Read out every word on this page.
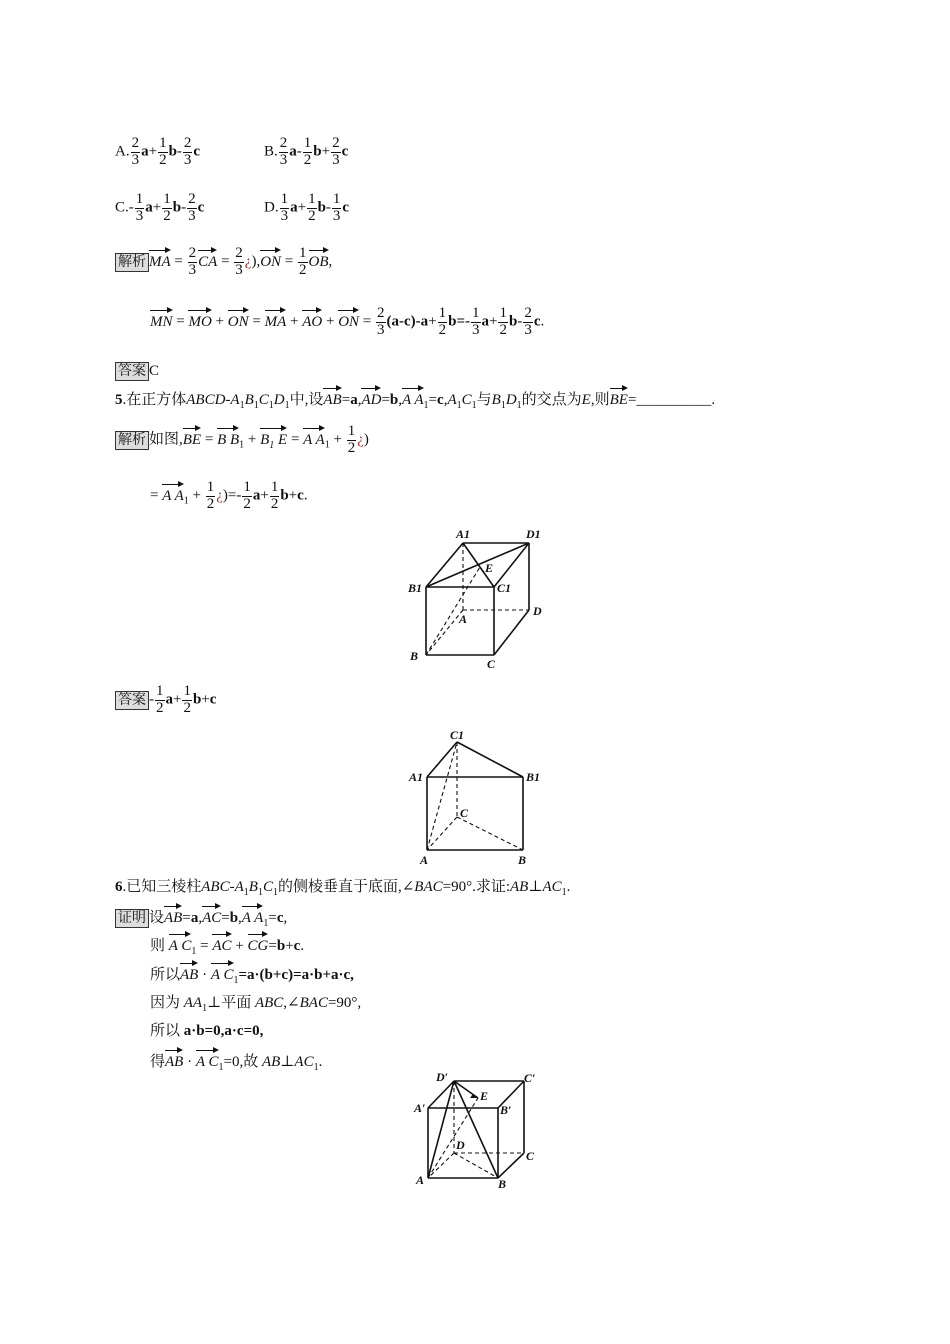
A. $\frac{2}{3} a+ \frac{1}{2} b- \frac{2}{3}$ c	B. $\frac{2}{3} a- \frac{1}{2} b+ \frac{2}{3}$ c
$C.- \frac{1}{3} a+ \frac{1}{2} b- \frac{2}{3}$ c	D. $\frac{1}{3} a+ \frac{1}{2} b- \frac{1}{3}$ c
解析 MA = $\frac{2}{3}$ CA = $\frac{2}{3}$ ¿)$,ON = \frac{1}{2}$ OB,
MN = MO + ON = MA + AO + ON = $\frac{2}{3} (a-c)-a+ \frac{1}{2} b=- \frac{1}{3} a+ \frac{1}{2} b- \frac{2}{3} c$.
答案 C
5.在正方体ABCD-$A_1B_1C_1D_1$中,设AB=a,AD=b,A $A_1=c,A_1C_1$与$B_1D_1$的交点为E,则BE=__________.
解析 如图,BE = B $B_1 + B_1$ E = A $A_1 + \frac{1}{2}$ ¿)
= A $A_1 + \frac{1}{2}$ ¿)=- $\frac{1}{2} a+ \frac{1}{2} b+c$.
A1	D1
B1	C1
E
A
D
B
C
答案 - $\frac{1}{2} a+ \frac{1}{2} b+c$
C1
A1	B1
C
A	B
6.已知三棱柱ABC-$A_1B_1C_1$的侧棱垂直于底面,∠BAC=90°.求证$:AB\perp AC_1$.
证明 设AB=a,AC=b,A $A_1=c$,
则 A $C_1$ = AC + CG=b+c.
所以AB · A $C_1=a\cdot(b+c)=a\cdot b+a\cdot c$,
因为 $AA_1\perp$平面 ABC,∠BAC=90°,
所以 a·b=0,a·c=0,
得AB · A $C_1=0$,故 $AB\perp AC_1$.
D′	C′
A′
E
B′
D
C
A	B
